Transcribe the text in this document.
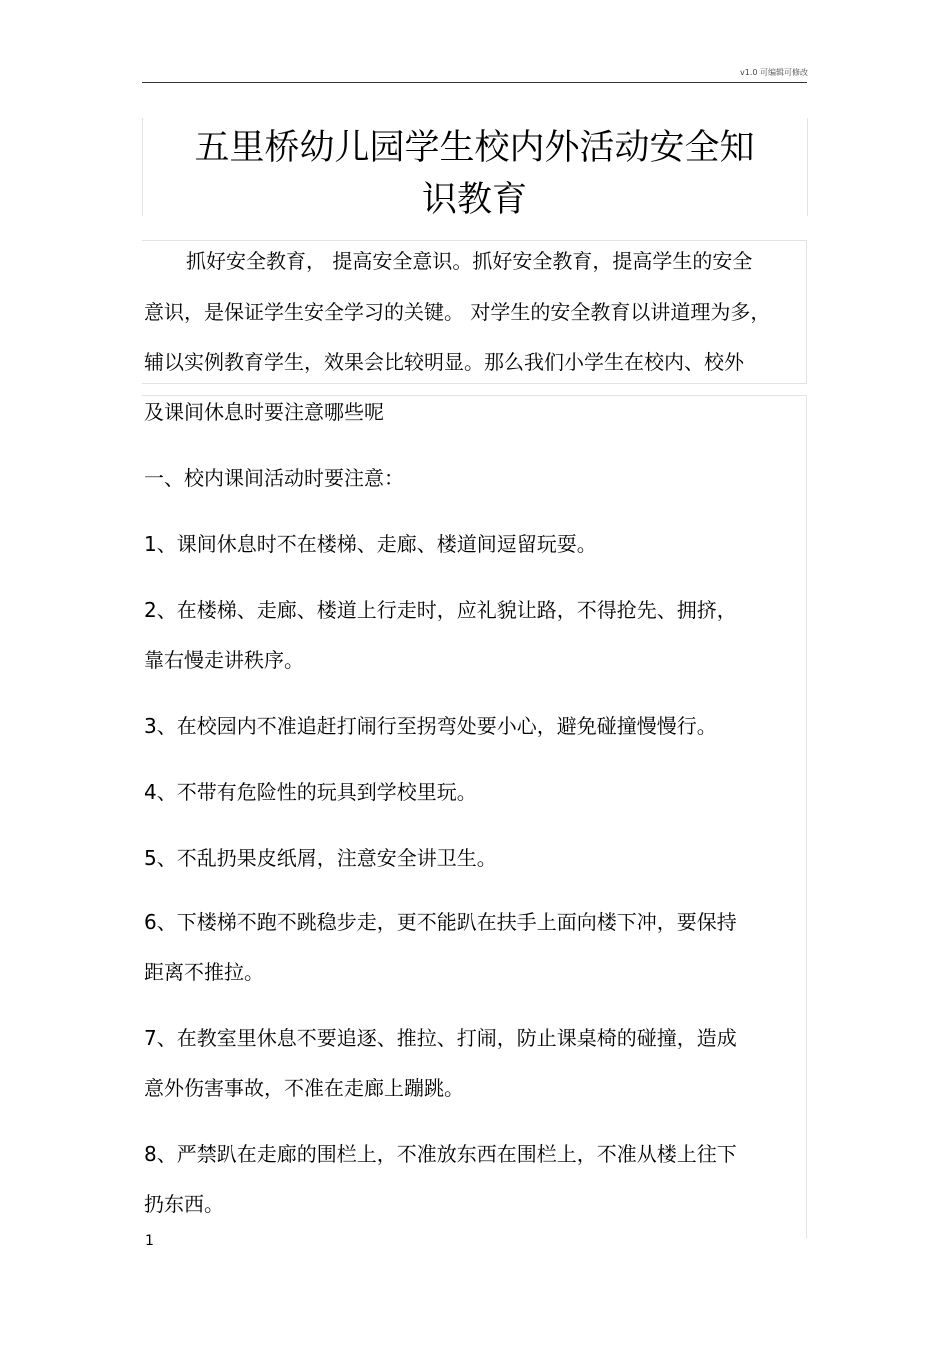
v1.0 可编辑可修改
五里桥幼儿园学生校内外活动安全知
识教育
抓好安全教育， 提高安全意识。抓好安全教育，提高学生的安全
意识，是保证学生安全学习的关键。 对学生的安全教育以讲道理为多，
辅以实例教育学生，效果会比较明显。那么我们小学生在校内、校外
及课间休息时要注意哪些呢
一、校内课间活动时要注意：
1、课间休息时不在楼梯、走廊、楼道间逗留玩耍。
2、在楼梯、走廊、楼道上行走时，应礼貌让路，不得抢先、拥挤，
靠右慢走讲秩序。
3、在校园内不准追赶打闹行至拐弯处要小心，避免碰撞慢慢行。
4、不带有危险性的玩具到学校里玩。
5、不乱扔果皮纸屑，注意安全讲卫生。
6、下楼梯不跑不跳稳步走，更不能趴在扶手上面向楼下冲，要保持
距离不推拉。
7、在教室里休息不要追逐、推拉、打闹，防止课桌椅的碰撞，造成
意外伤害事故，不准在走廊上蹦跳。
8、严禁趴在走廊的围栏上，不准放东西在围栏上，不准从楼上往下
扔东西。
1
